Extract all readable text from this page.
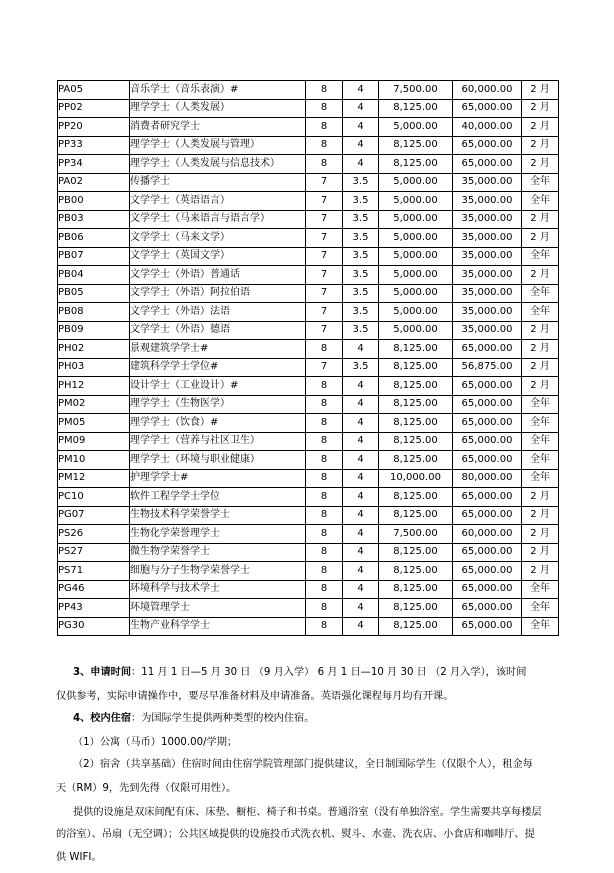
PA05	音乐学士（音乐表演）#	8	4	7,500.00	60,000.00	2 月
PP02	理学学士（人类发展）	8	4	8,125.00	65,000.00	2 月
PP20	消费者研究学士	8	4	5,000.00	40,000.00	2 月
PP33	理学学士（人类发展与管理）	8	4	8,125.00	65,000.00	2 月
PP34	理学学士（人类发展与信息技术）	8	4	8,125.00	65,000.00	2 月
PA02	传播学士	7	3.5	5,000.00	35,000.00	全年
PB00	文学学士（英语语言）	7	3.5	5,000.00	35,000.00	全年
PB03	文学学士（马来语言与语言学）	7	3.5	5,000.00	35,000.00	2 月
PB06	文学学士（马来文学）	7	3.5	5,000.00	35,000.00	2 月
PB07	文学学士（英国文学）	7	3.5	5,000.00	35,000.00	全年
PB04	文学学士（外语）普通话	7	3.5	5,000.00	35,000.00	2 月
PB05	文学学士（外语）阿拉伯语	7	3.5	5,000.00	35,000.00	全年
PB08	文学学士（外语）法语	7	3.5	5,000.00	35,000.00	全年
PB09	文学学士（外语）德语	7	3.5	5,000.00	35,000.00	2 月
PH02	景观建筑学学士#	8	4	8,125.00	65,000.00	2 月
PH03	建筑科学学士学位#	7	3.5	8,125.00	56,875.00	2 月
PH12	设计学士（工业设计）#	8	4	8,125.00	65,000.00	2 月
PM02	理学学士（生物医学）	8	4	8,125.00	65,000.00	全年
PM05	理学学士（饮食）#	8	4	8,125.00	65,000.00	全年
PM09	理学学士（营养与社区卫生）	8	4	8,125.00	65,000.00	全年
PM10	理学学士（环境与职业健康）	8	4	8,125.00	65,000.00	全年
PM12	护理学学士#	8	4	10,000.00	80,000.00	全年
PC10	软件工程学学士学位	8	4	8,125.00	65,000.00	2 月
PG07	生物技术科学荣誉学士	8	4	8,125.00	65,000.00	2 月
PS26	生物化学荣誉理学士	8	4	7,500.00	60,000.00	2 月
PS27	微生物学荣誉学士	8	4	8,125.00	65,000.00	2 月
PS71	细胞与分子生物学荣誉学士	8	4	8,125.00	65,000.00	2 月
PG46	环境科学与技术学士	8	4	8,125.00	65,000.00	全年
PP43	环境管理学士	8	4	8,125.00	65,000.00	全年
PG30	生物产业科学学士	8	4	8,125.00	65,000.00	全年
3、申请时间：11 月 1 日—5 月 30 日 （9 月入学） 6 月 1 日—10 月 30 日 （2 月入学），该时间
仅供参考，实际申请操作中，要尽早准备材料及申请准备。英语强化课程每月均有开课。
4、校内住宿：为国际学生提供两种类型的校内住宿。
（1）公寓（马币）1000.00/学期；
（2）宿舍（共享基础）住宿时间由住宿学院管理部门提供建议，全日制国际学生（仅限个人），租金每
天（RM）9，先到先得（仅限可用性）。
提供的设施是双床间配有床、床垫、橱柜、椅子和书桌。普通浴室（没有单独浴室。学生需要共享每楼层
的浴室）、吊扇（无空调）；公共区域提供的设施投币式洗衣机、熨斗、水壶、洗衣店、小食店和咖啡厅、提
供 WIFI。
